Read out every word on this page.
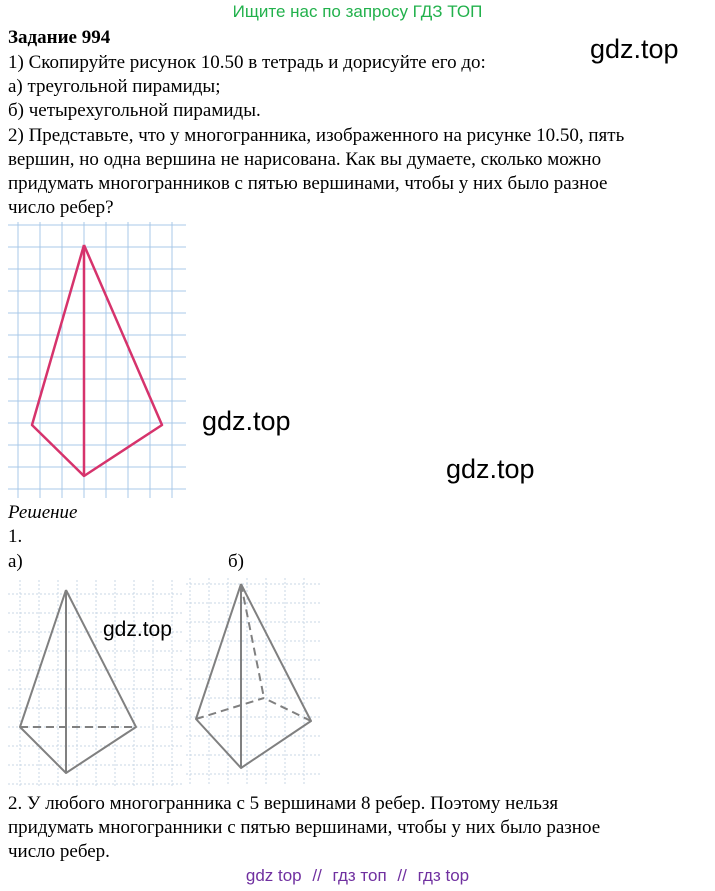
Ищите нас по запросу ГДЗ ТОП
Задание 994
1) Скопируйте рисунок 10.50 в тетрадь и дорисуйте его до:
а) треугольной пирамиды;
б) четырехугольной пирамиды.
2) Представьте, что у многогранника, изображенного на рисунке 10.50, пять
вершин, но одна вершина не нарисована. Как вы думаете, сколько можно
придумать многогранников с пятью вершинами, чтобы у них было разное
число ребер?
gdz.top
gdz.top
gdz.top
Решение
1.
а)	б)
gdz.top
2. У любого многогранника с 5 вершинами 8 ребер. Поэтому нельзя
придумать многогранники с пятью вершинами, чтобы у них было разное
число ребер.
gdz top // гдз топ // гдз top
